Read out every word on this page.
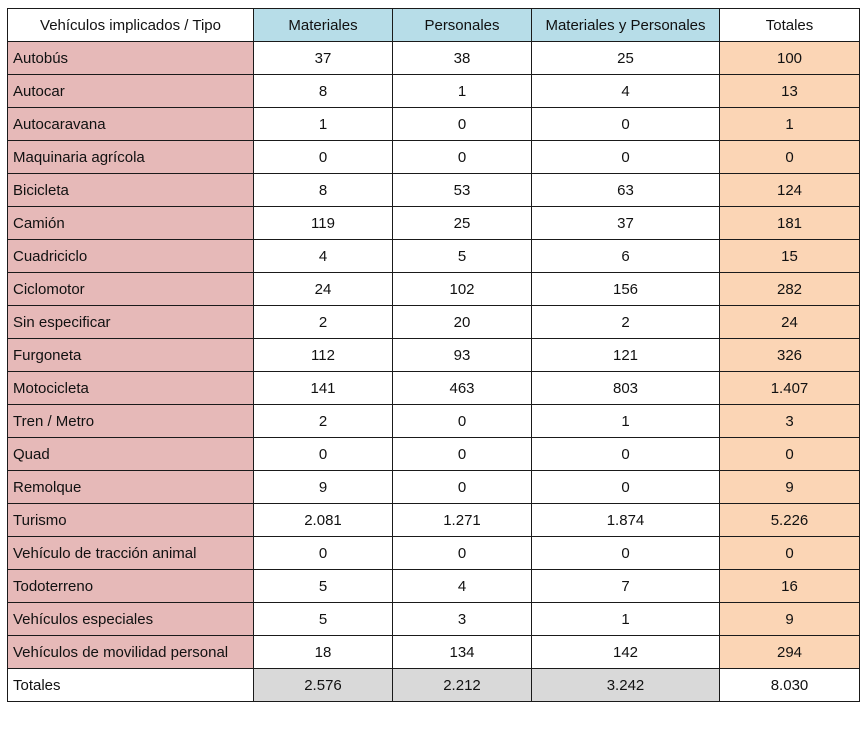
Vehículos implicados / Tipo	Materiales	Personales	Materiales y Personales	Totales
Autobús	37	38	25	100
Autocar	8	1	4	13
Autocaravana	1	0	0	1
Maquinaria agrícola	0	0	0	0
Bicicleta	8	53	63	124
Camión	119	25	37	181
Cuadriciclo	4	5	6	15
Ciclomotor	24	102	156	282
Sin especificar	2	20	2	24
Furgoneta	112	93	121	326
Motocicleta	141	463	803	1.407
Tren / Metro	2	0	1	3
Quad	0	0	0	0
Remolque	9	0	0	9
Turismo	2.081	1.271	1.874	5.226
Vehículo de tracción animal	0	0	0	0
Todoterreno	5	4	7	16
Vehículos especiales	5	3	1	9
Vehículos de movilidad personal	18	134	142	294
Totales	2.576	2.212	3.242	8.030
